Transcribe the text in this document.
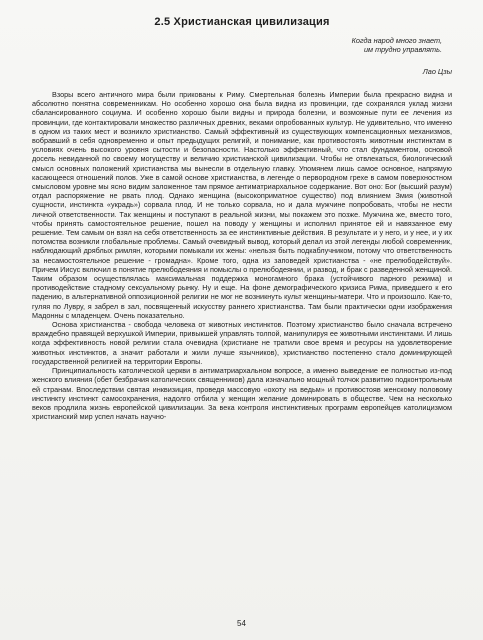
2.5 Христианская цивилизация
Когда народ много знает,
им трудно управлять.
Лао Цзы

Взоры всего античного мира были прикованы к Риму. Смертельная болезнь Империи была прекрасно видна и абсолютно понятна современникам. Но особенно хорошо она была видна из провинции, где сохранялся уклад жизни сбалансированного социума. И особенно хорошо были видны и природа болезни, и возможные пути ее лечения из провинции, где контактировали множество различных древних, веками опробованных культур. Не удивительно, что именно в одном из таких мест и возникло христианство. Самый эффективный из существующих компенсационных механизмов, вобравший в себя одновременно и опыт предыдущих религий, и понимание, как противостоять животным инстинктам в условиях очень высокого уровня сытости и безопасности. Настолько эффективный, что стал фундаментом, основой досель невиданной по своему могуществу и величию христианской цивилизации. Чтобы не отвлекаться, биологический смысл основных положений христианства мы вынесли в отдельную главку. Упомянем лишь самое основное, напрямую касающееся отношений полов. Уже в самой основе христианства, в легенде о первородном грехе в самом поверхностном смысловом уровне мы ясно видим заложенное там прямое антиматриархальное содержание. Вот оно: Бог (высший разум) отдал распоряжение не рвать плод. Однако женщина (высокоприматное существо) под влиянием Змия (животной сущности, инстинкта «украдь») сорвала плод. И не только сорвала, но и дала мужчине попробовать, чтобы не нести личной ответственности. Так женщины и поступают в реальной жизни, мы покажем это позже. Мужчина же, вместо того, чтобы принять самостоятельное решение, пошел на поводу у женщины и исполнил принятое ей и навязанное ему решение. Тем самым он взял на себя ответственность за ее инстинктивные действия. В результате и у него, и у нее, и у их потомства возникли глобальные проблемы. Самый очевидный вывод, который делал из этой легенды любой современник, наблюдающий дряблых римлян, которыми помыкали их жены: «нельзя быть подкаблучником, потому что ответственность за несамостоятельное решение - громадна». Кроме того, одна из заповедей христианства - «не прелюбодействуй». Причем Иисус включил в понятие прелюбодеяния и помыслы о прелюбодеянии, и развод, и брак с разведенной женщиной. Таким образом осуществлялась максимальная поддержка моногамного брака (устойчивого парного режима) и противодействие стадному сексуальному рынку. Ну и еще. На фоне демографического кризиса Рима, приведшего к его падению, в альтернативной оппозиционной религии не мог не возникнуть культ женщины-матери. Что и произошло. Как-то, гуляя по Лувру, я забрел в зал, посвященный искусству раннего христианства. Там были практически одни изображения Мадонны с младенцем. Очень показательно.

Основа христианства - свобода человека от животных инстинктов. Поэтому христианство было сначала встречено враждебно правящей верхушкой Империи, привыкшей управлять толпой, манипулируя ее животными инстинктами. И лишь когда эффективность новой религии стала очевидна (христиане не тратили свое время и ресурсы на удовлетворение животных инстинктов, а значит работали и жили лучше язычников), христианство постепенно стало доминирующей государственной религией на территории Европы.

Принципиальность католической церкви в антиматриархальном вопросе, а именно выведение ее полностью из-под женского влияния (обет безбрачия католических священников) дала изначально мощный толчок развитию подконтрольным ей странам. Впоследствии святая инквизиция, проведя массовую «охоту на ведьм» и противостояв женскому половому инстинкту инстинкт самосохранения, надолго отбила у женщин желание доминировать в обществе. Чем на несколько веков продлила жизнь европейской цивилизации. За века контроля инстинктивных программ европейцев католицизмом христианский мир успел начать научно-

54
